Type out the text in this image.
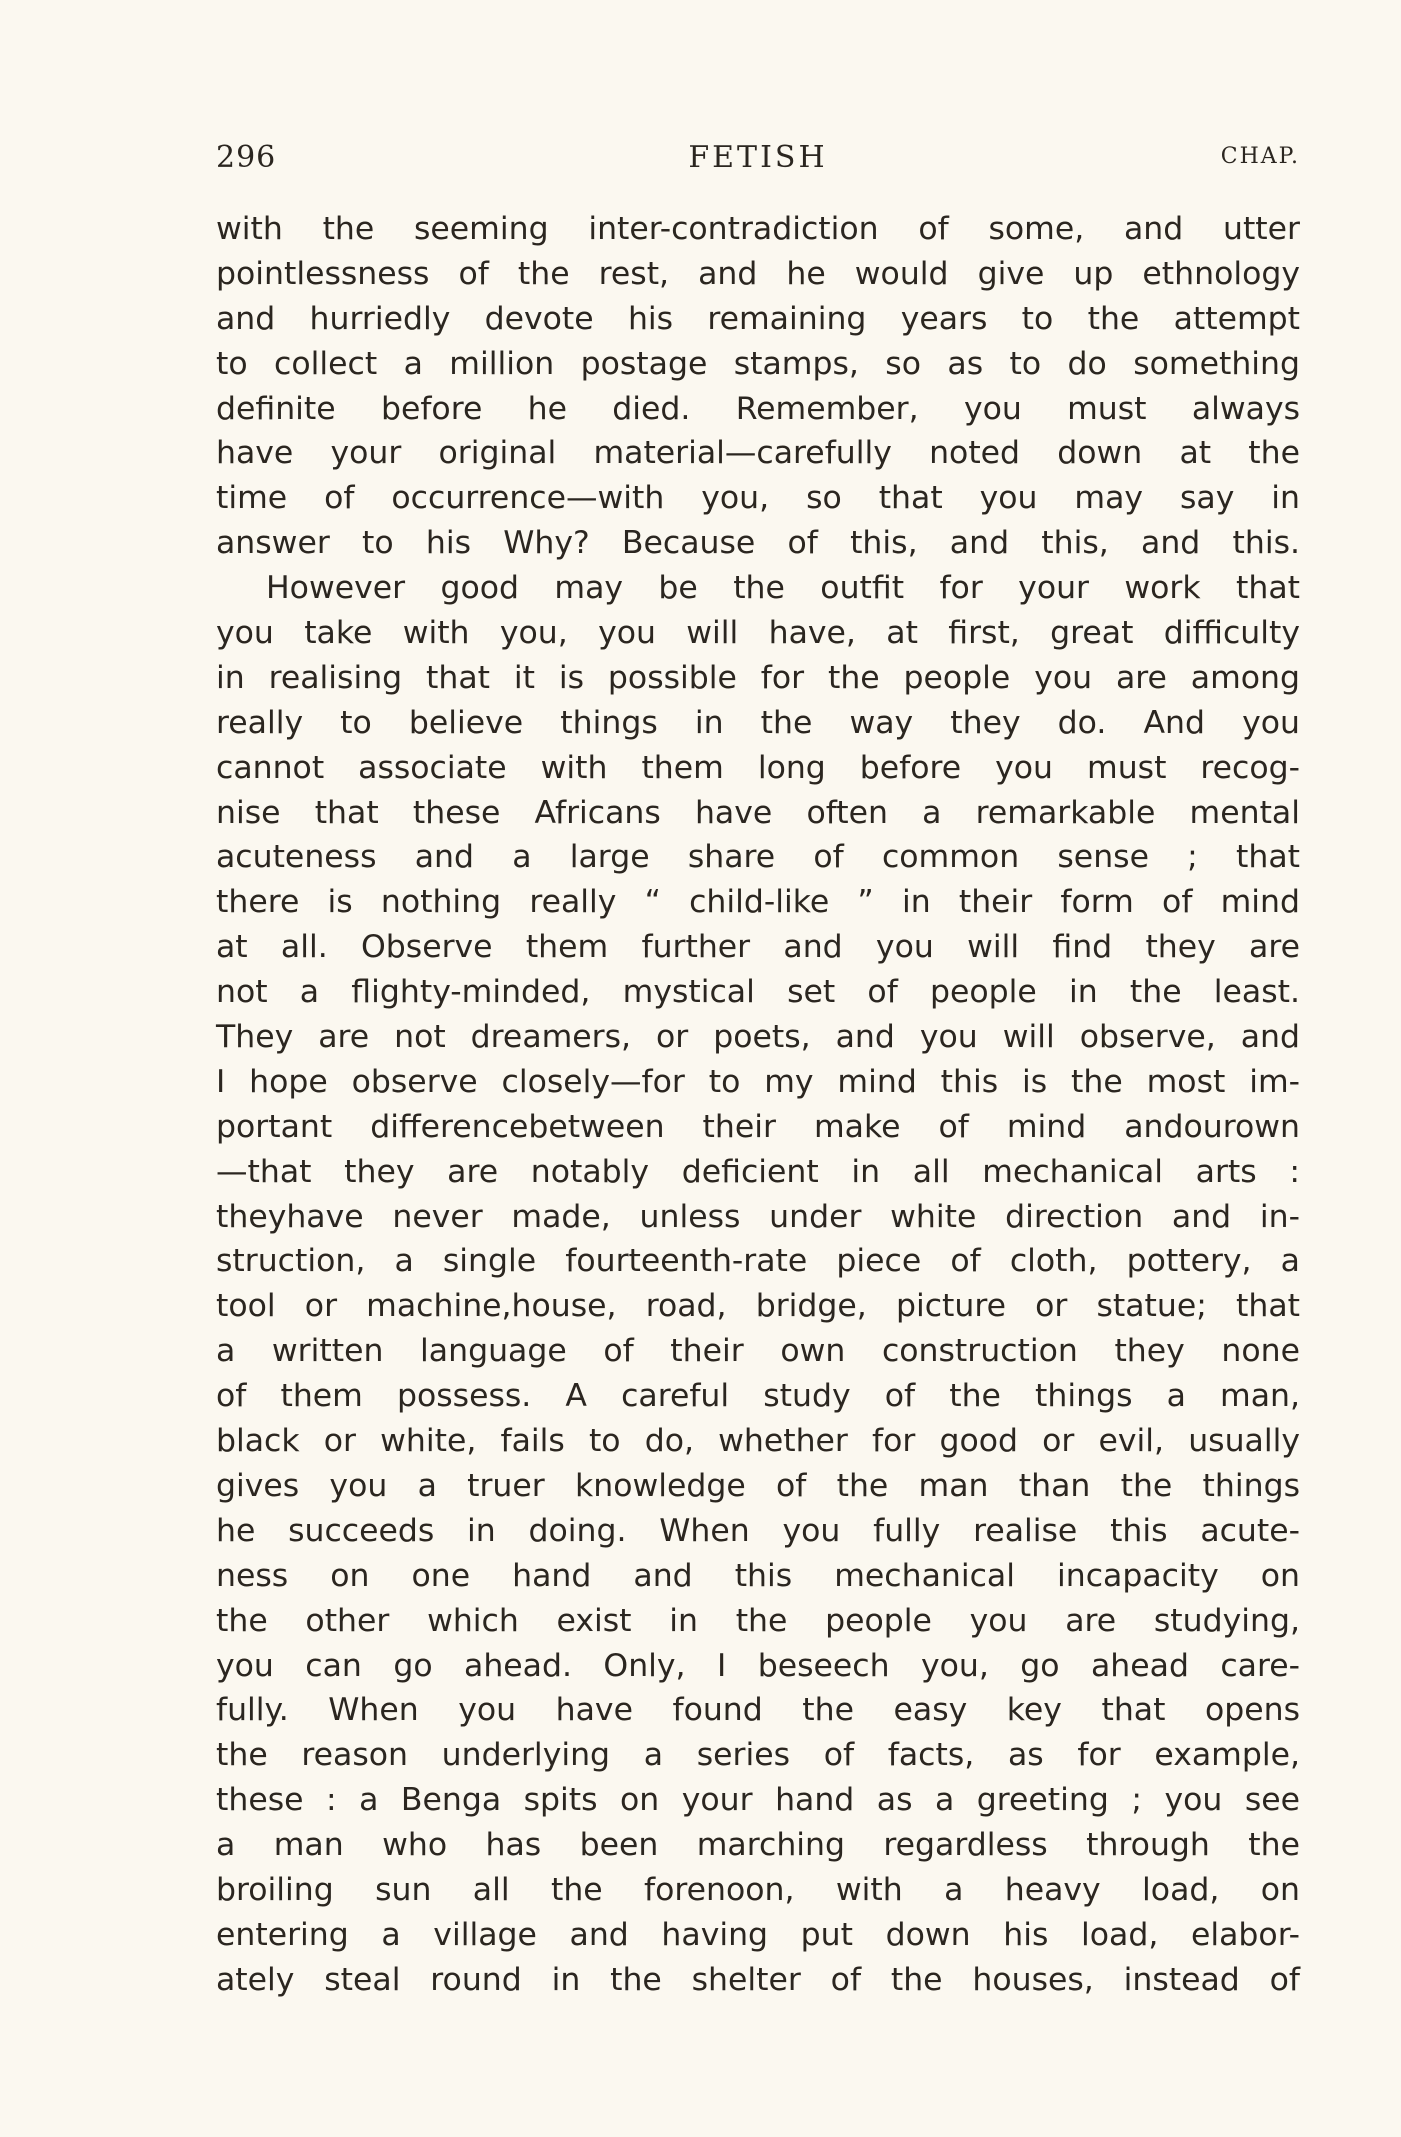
296	FETISH	CHAP.
with the seeming inter-contradiction of some, and utter
pointlessness of the rest, and he would give up ethnology
and hurriedly devote his remaining years to the attempt
to collect a million postage stamps, so as to do something
definite before he died. Remember, you must always
have your original material—carefully noted down at the
time of occurrence—with you, so that you may say in
answer to his Why? Because of this, and this, and this.
However good may be the outfit for your work that
you take with you, you will have, at first, great difficulty
in realising that it is possible for the people you are among
really to believe things in the way they do. And you
cannot associate with them long before you must recog-
nise that these Africans have often a remarkable mental
acuteness and a large share of common sense ; that
there is nothing really “ child-like ” in their form of mind
at all. Observe them further and you will find they are
not a flighty-minded, mystical set of people in the least.
They are not dreamers, or poets, and you will observe, and
I hope observe closely—for to my mind this is the most im-
portant differencebetween their make of mind andourown
—that they are notably deficient in all mechanical arts :
theyhave never made, unless under white direction and in-
struction, a single fourteenth-rate piece of cloth, pottery, a
tool or machine,house, road, bridge, picture or statue; that
a written language of their own construction they none
of them possess. A careful study of the things a man,
black or white, fails to do, whether for good or evil, usually
gives you a truer knowledge of the man than the things
he succeeds in doing. When you fully realise this acute-
ness on one hand and this mechanical incapacity on
the other which exist in the people you are studying,
you can go ahead. Only, I beseech you, go ahead care-
fully. When you have found the easy key that opens
the reason underlying a series of facts, as for example,
these : a Benga spits on your hand as a greeting ; you see
a man who has been marching regardless through the
broiling sun all the forenoon, with a heavy load, on
entering a village and having put down his load, elabor-
ately steal round in the shelter of the houses, instead of
